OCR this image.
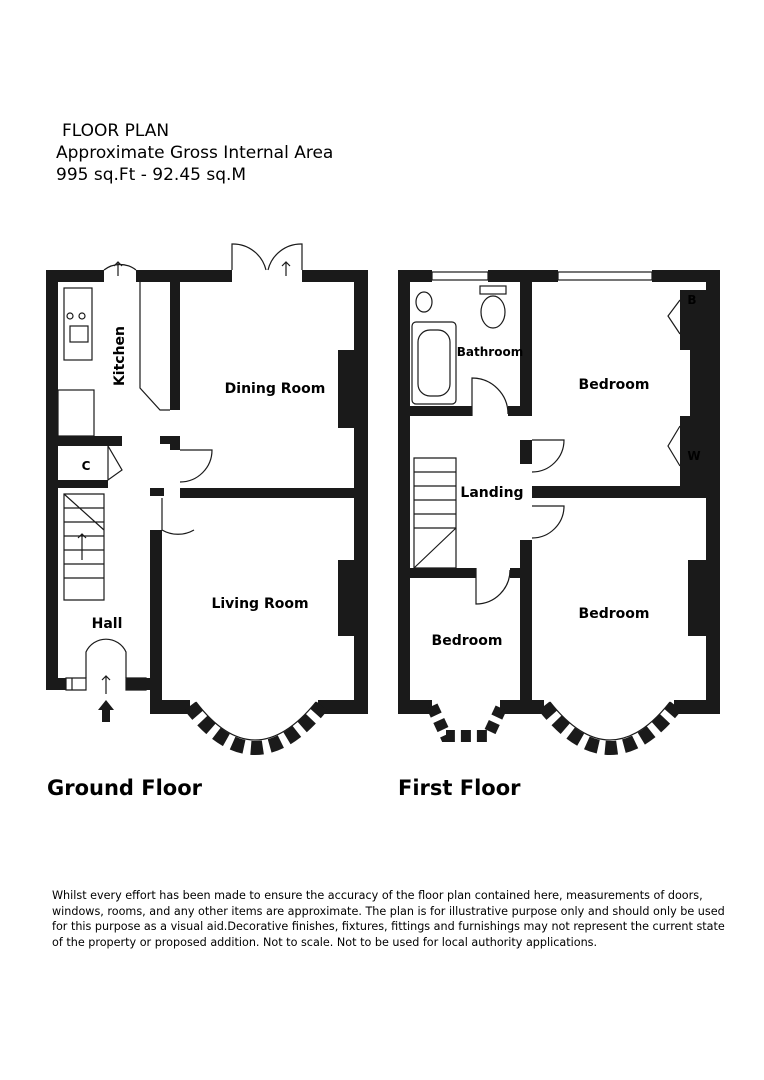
FLOOR PLAN
Approximate Gross Internal Area
995 sq.Ft - 92.45 sq.M
Kitchen
Dining Room
C
Living Room
Hall
Bathroom
Bedroom
B
W
Landing
Bedroom
Bedroom
Ground Floor	First Floor
Whilst every effort has been made to ensure the accuracy of the floor plan contained here, measurements of doors, windows, rooms, and any other items are approximate. The plan is for illustrative purpose only and should only be used for this purpose as a visual aid.Decorative finishes, fixtures, fittings and furnishings may not represent the current state of the property or proposed addition. Not to scale. Not to be used for local authority applications.
